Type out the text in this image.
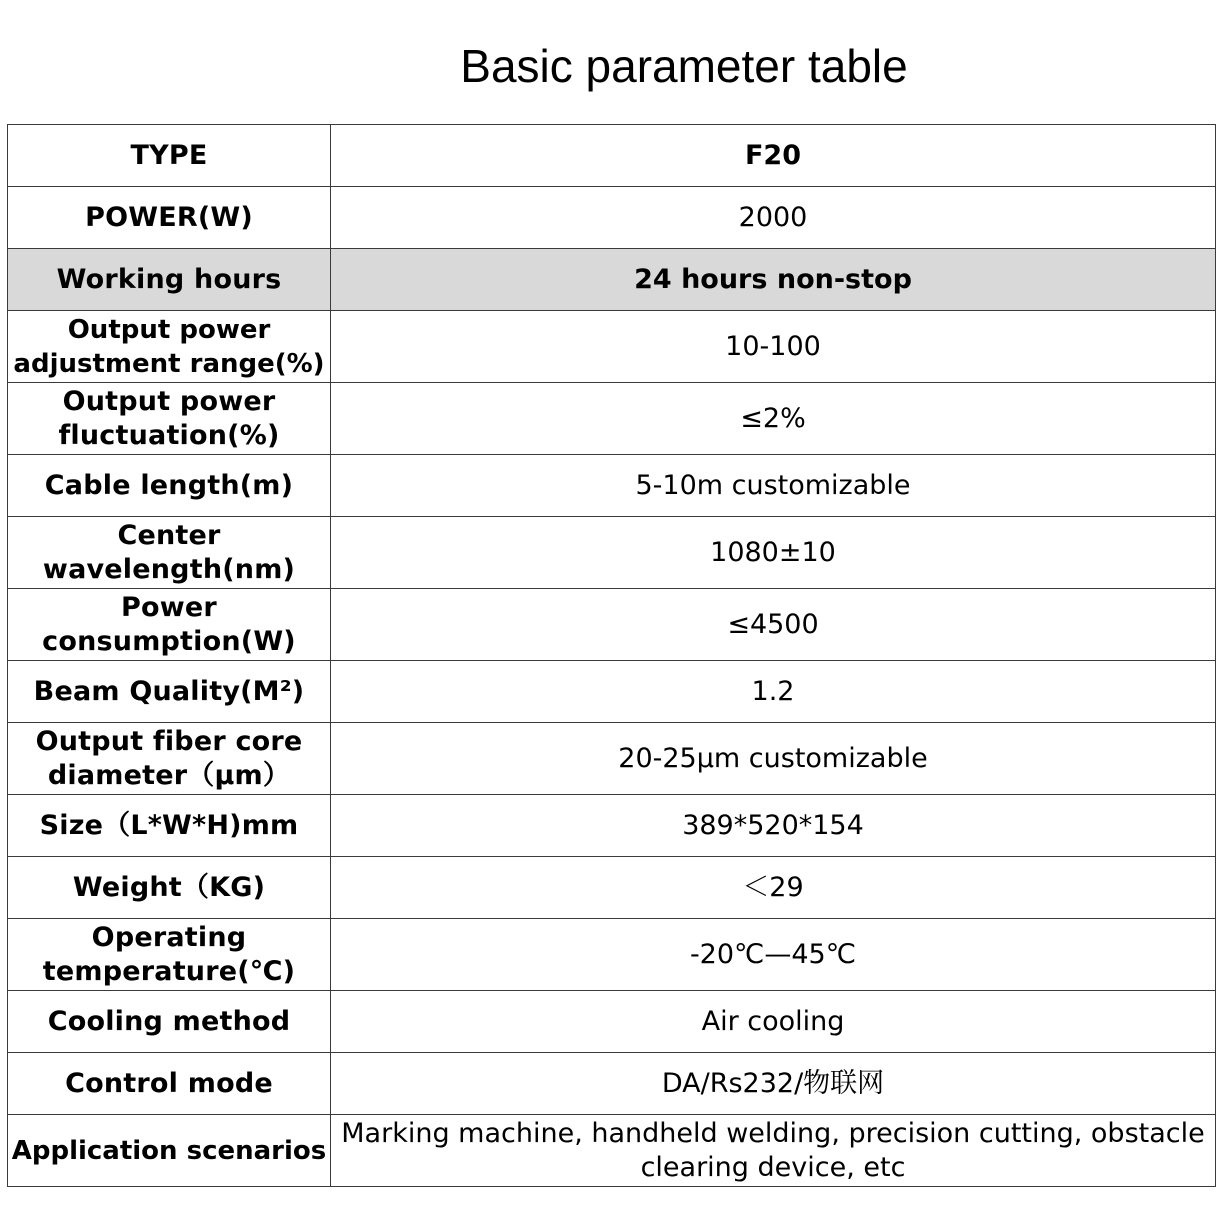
Basic parameter table
TYPE	F20
POWER(W)	2000
Working hours	24 hours non-stop
Output power adjustment range(%)	10-100
Output power fluctuation(%)	≤2%
Cable length(m)	5-10m customizable
Center wavelength(nm)	1080±10
Power consumption(W)	≤4500
Beam Quality(M²)	1.2
Output fiber core diameter（μm）	20-25μm customizable
Size（L*W*H)mm	389*520*154
Weight（KG)	＜29
Operating temperature(℃)	-20℃—45℃
Cooling method	Air cooling
Control mode	DA/Rs232/物联网
Application scenarios	Marking machine, handheld welding, precision cutting, obstacle clearing device, etc
